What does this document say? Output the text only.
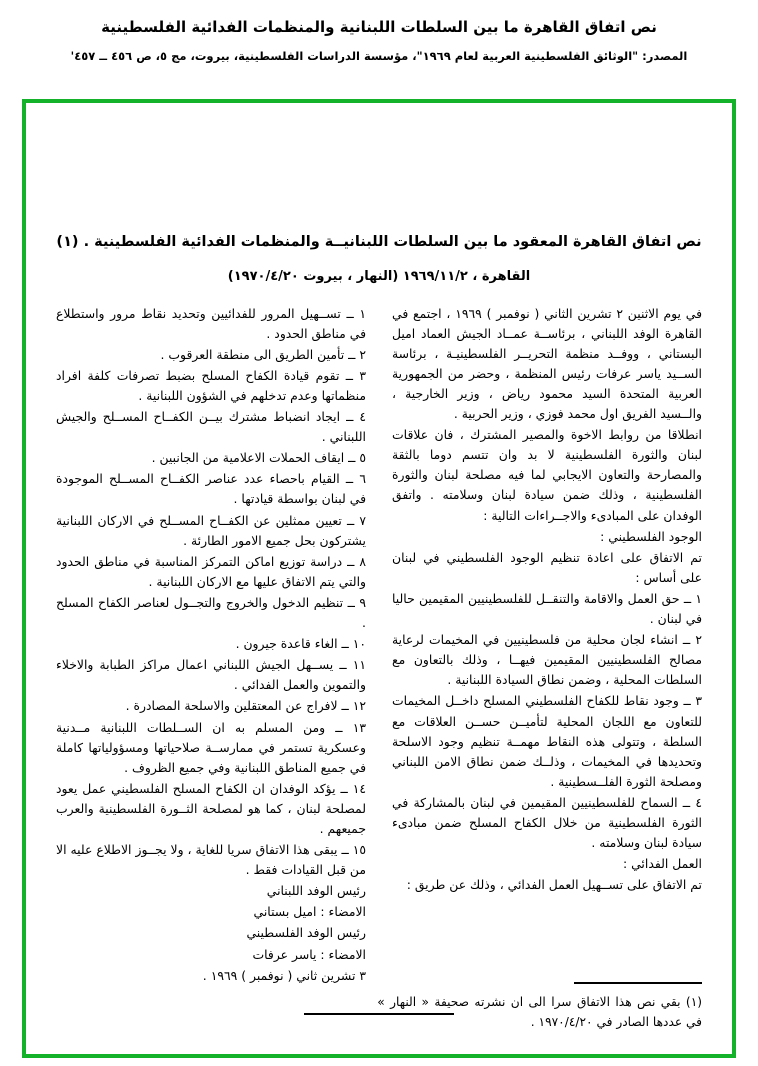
نص اتفاق القاهرة ما بين السلطات اللبنانية والمنظمات الفدائية الفلسطينية
المصدر: "الوثائق الفلسطينية العربية لعام ١٩٦٩"، مؤسسة الدراسات الفلسطينية، بيروت، مج ٥، ص ٤٥٦ ــ ٤٥٧'
نص اتفاق القاهرة المعقود ما بين السلطات اللبنانيــة والمنظمات الفدائية الفلسطينية . (١)
القاهرة ، ١٩٦٩/١١/٢ (النهار ، بيروت ١٩٧٠/٤/٢٠)

في يوم الاثنين ٢ تشرين الثاني ( نوفمبر ) ١٩٦٩ ، اجتمع في القاهرة الوفد اللبناني ، برئاســة عمــاد الجيش العماد اميل البستاني ، ووفــد منظمة التحريــر الفلسطينيـة ، برئاسة الســيد ياسر عرفات رئيس المنظمة ، وحضر من الجمهورية العربية المتحدة السيد محمود رياض ، وزير الخارجية ، والــسيد الفريق اول محمد فوزي ، وزير الحربية .

انطلاقا من روابط الاخوة والمصير المشترك ، فان علاقات لبنان والثورة الفلسطينية لا بد وان تتسم دوما بالثقة والمصارحة والتعاون الايجابي لما فيه مصلحة لبنان والثورة الفلسطينية ، وذلك ضمن سيادة لبنان وسلامته . واتفق الوفدان على المبادىء والاجــراءات التالية :

الوجود الفلسطيني :

تم الاتفاق على اعادة تنظيم الوجود الفلسطيني في لبنان على أساس :

١ ــ حق العمل والاقامة والتنقــل للفلسطينيين المقيمين حاليا في لبنان .

٢ ــ انشاء لجان محلية من فلسطينيين في المخيمات لرعاية مصالح الفلسطينيين المقيمين فيهــا ، وذلك بالتعاون مع السلطات المحلية ، وضمن نطاق السيادة اللبنانية .

٣ ــ وجود نقاط للكفاح الفلسطيني المسلح داخــل المخيمات للتعاون مع اللجان المحلية لتأميــن حســن العلاقات مع السلطة ، وتتولى هذه النقاط مهمــة تنظيم وجود الاسلحة وتحديدها في المخيمات ، وذلــك ضمن نطاق الامن اللبناني ومصلحة الثورة الفلــسطينية .

٤ ــ السماح للفلسطينيين المقيمين في لبنان بالمشاركة في الثورة الفلسطينية من خلال الكفاح المسلح ضمن مبادىء سيادة لبنان وسلامته .

العمل الفدائي :

تم الاتفاق على تســهيل العمل الفدائي ، وذلك عن طريق :

١ ــ تســهيل المرور للفدائيين وتحديد نقاط مرور واستطلاع في مناطق الحدود .

٢ ــ تأمين الطريق الى منطقة العرقوب .

٣ ــ تقوم قيادة الكفاح المسلح بضبط تصرفات كلفة افراد منظماتها وعدم تدخلهم في الشؤون اللبنانية .

٤ ــ ايجاد انضباط مشترك بيــن الكفــاح المســلح والجيش اللبناني .

٥ ــ ايقاف الحملات الاعلامية من الجانبين .

٦ ــ القيام باحصاء عدد عناصر الكفــاح المســلح الموجودة في لبنان بواسطة قيادتها .

٧ ــ تعيين ممثلين عن الكفــاح المســلح في الاركان اللبنانية يشتركون بحل جميع الامور الطارئة .

٨ ــ دراسة توزيع اماكن التمركز المناسبة في مناطق الحدود والتي يتم الاتفاق عليها مع الاركان اللبنانية .

٩ ــ تنظيم الدخول والخروج والتجــول لعناصر الكفاح المسلح .

١٠ ــ الغاء قاعدة جيرون .

١١ ــ يســهل الجيش اللبناني اعمال مراكز الطبابة والاخلاء والتموين والعمل الفدائي .

١٢ ــ لافراج عن المعتقلين والاسلحة المصادرة .

١٣ ــ ومن المسلم به ان الســلطات اللبنانية مــدنية وعسكرية تستمر في ممارســة صلاحياتها ومسؤولياتها كاملة في جميع المناطق اللبنانية وفي جميع الظروف .

١٤ ــ يؤكد الوفدان ان الكفاح المسلح الفلسطيني عمل يعود لمصلحة لبنان ، كما هو لمصلحة الثــورة الفلسطينية والعرب جميعهم .

١٥ ــ يبقى هذا الاتفاق سريا للغاية ، ولا يجــوز الاطلاع عليه الا من قبل القيادات فقط .

رئيس الوفد اللبناني

الامضاء : اميل بستاني

رئيس الوفد الفلسطيني

الامضاء : ياسر عرفات

٣ تشرين ثاني ( نوفمبر ) ١٩٦٩ .

(١) بقي نص هذا الاتفاق سرا الى ان نشرته صحيفة « النهار » في عددها الصادر في ١٩٧٠/٤/٢٠ .
